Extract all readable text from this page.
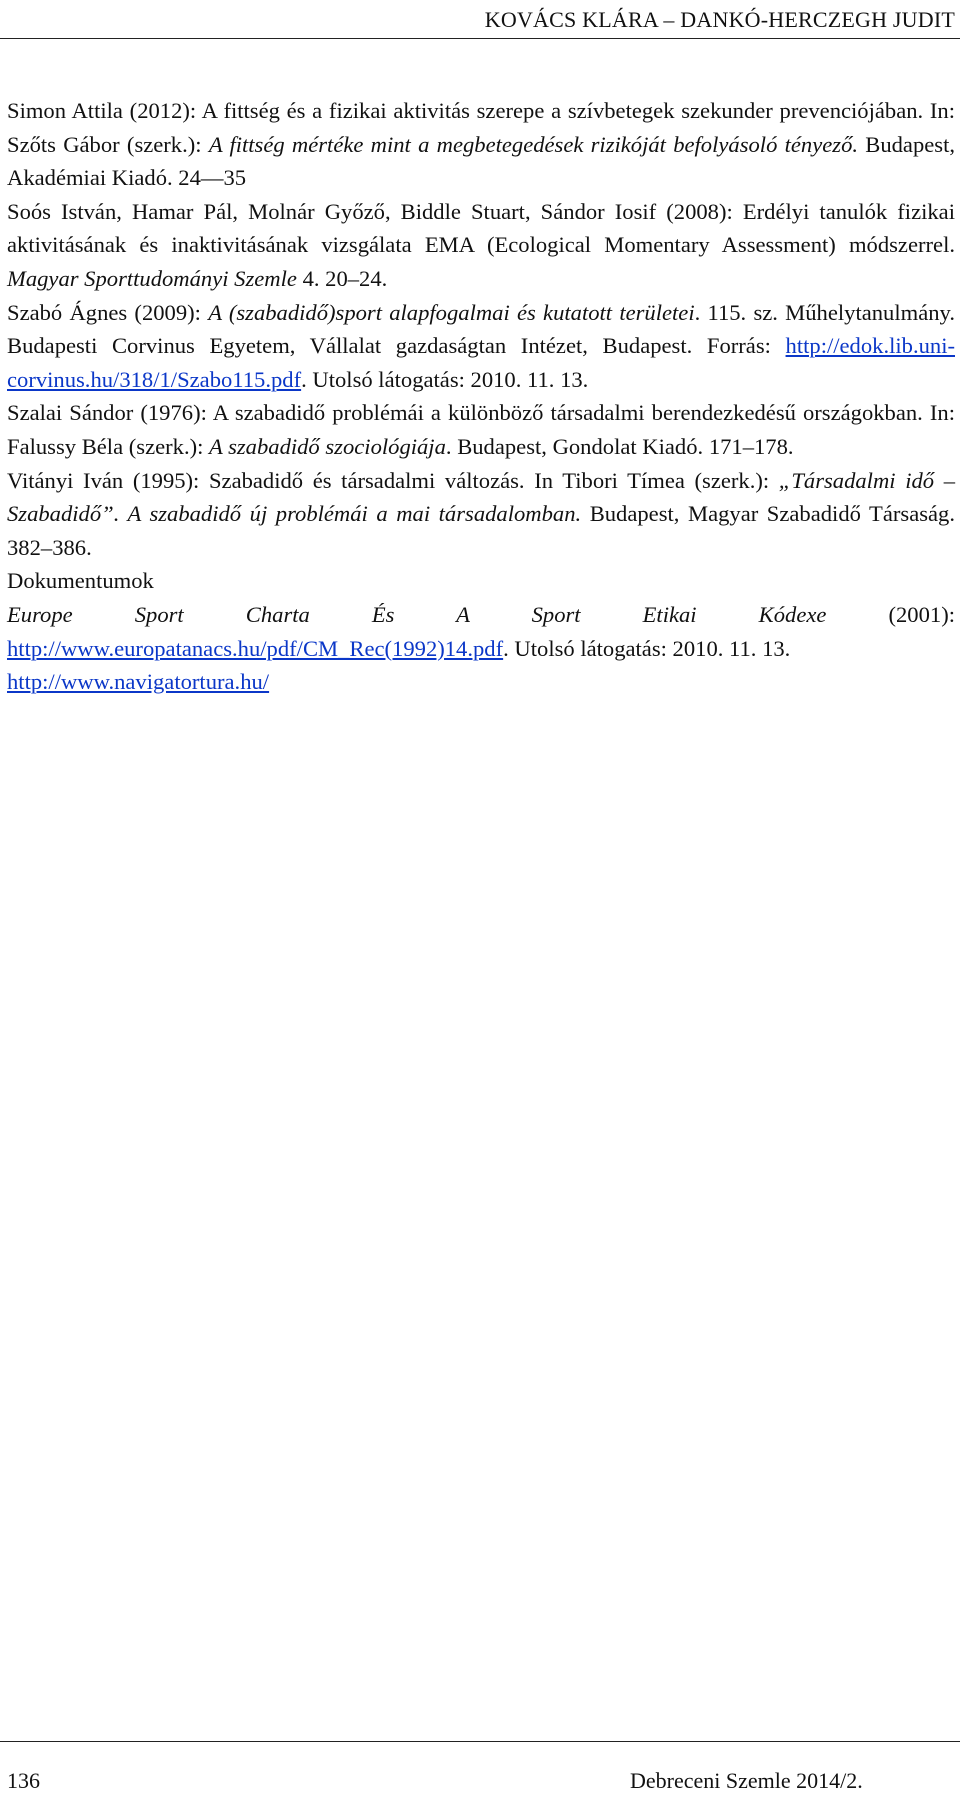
KOVÁCS KLÁRA – DANKÓ-HERCZEGH JUDIT

Simon Attila (2012): A fittség és a fizikai aktivitás szerepe a szívbetegek szekunder prevenciójában. In: Szőts Gábor (szerk.): A fittség mértéke mint a megbetegedések rizikóját befolyásoló tényező. Budapest, Akadémiai Kiadó. 24—35

Soós István, Hamar Pál, Molnár Győző, Biddle Stuart, Sándor Iosif (2008): Erdélyi tanulók fizikai aktivitásának és inaktivitásának vizsgálata EMA (Ecological Momentary Assessment) módszerrel. Magyar Sporttudományi Szemle 4. 20–24.

Szabó Ágnes (2009): A (szabadidő)sport alapfogalmai és kutatott területei. 115. sz. Műhelytanulmány. Budapesti Corvinus Egyetem, Vállalat gazdaságtan Intézet, Budapest. Forrás: http://edok.lib.uni-corvinus.hu/318/1/Szabo115.pdf. Utolsó látogatás: 2010. 11. 13.

Szalai Sándor (1976): A szabadidő problémái a különböző társadalmi berendezkedésű országokban. In: Falussy Béla (szerk.): A szabadidő szociológiája. Budapest, Gondolat Kiadó. 171–178.

Vitányi Iván (1995): Szabadidő és társadalmi változás. In Tibori Tímea (szerk.): „Társadalmi idő – Szabadidő”. A szabadidő új problémái a mai társadalomban. Budapest, Magyar Szabadidő Társaság. 382–386.

Dokumentumok

Europe Sport Charta És A Sport Etikai Kódexe (2001): http://www.europatanacs.hu/pdf/CM_Rec(1992)14.pdf. Utolsó látogatás: 2010. 11. 13.

http://www.navigatortura.hu/

136	Debreceni Szemle 2014/2.
